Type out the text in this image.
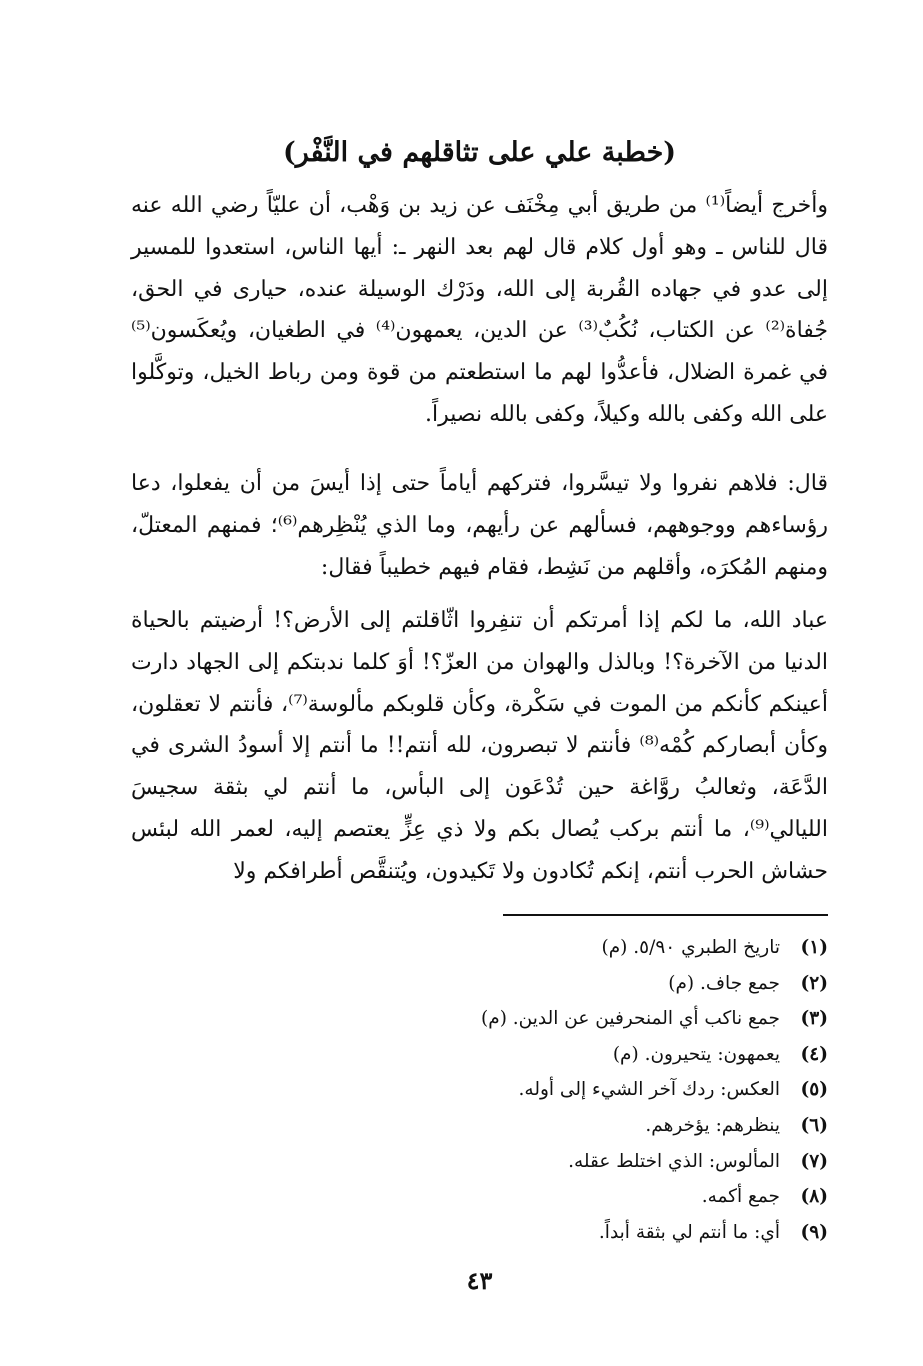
(خطبة علي على تثاقلهم في النَّفْر)

وأخرج أيضاً⁽¹⁾ من طريق أبي مِخْنَف عن زيد بن وَهْب، أن عليّاً رضي الله عنه قال للناس ـ وهو أول كلام قال لهم بعد النهر ـ: أيها الناس، استعدوا للمسير إلى عدو في جهاده القُربة إلى الله، ودَرْك الوسيلة عنده، حيارى في الحق، جُفاة⁽²⁾ عن الكتاب، نُكُبٌ⁽³⁾ عن الدين، يعمهون⁽⁴⁾ في الطغيان، ويُعكَسون⁽⁵⁾ في غمرة الضلال، فأعدُّوا لهم ما استطعتم من قوة ومن رباط الخيل، وتوكَّلوا على الله وكفى بالله وكيلاً، وكفى بالله نصيراً.

قال: فلاهم نفروا ولا تيسَّروا، فتركهم أياماً حتى إذا أيسَ من أن يفعلوا، دعا رؤساءهم ووجوههم، فسألهم عن رأيهم، وما الذي يُنْظِرهم⁽⁶⁾؛ فمنهم المعتلّ، ومنهم المُكرَه، وأقلهم من نَشِط، فقام فيهم خطيباً فقال:

عباد الله، ما لكم إذا أمرتكم أن تنفِروا اثّاقلتم إلى الأرض؟! أرضيتم بالحياة الدنيا من الآخرة؟! وبالذل والهوان من العزّ؟! أوَ كلما ندبتكم إلى الجهاد دارت أعينكم كأنكم من الموت في سَكْرة، وكأن قلوبكم مألوسة⁽⁷⁾، فأنتم لا تعقلون، وكأن أبصاركم كُمْه⁽⁸⁾ فأنتم لا تبصرون، لله أنتم!! ما أنتم إلا أسودُ الشرى في الدَّعَة، وثعالبُ روَّاغة حين تُدْعَون إلى البأس، ما أنتم لي بثقة سجيسَ الليالي⁽⁹⁾، ما أنتم بركب يُصال بكم ولا ذي عِزٍّ يعتصم إليه، لعمر الله لبئس حشاش الحرب أنتم، إنكم تُكادون ولا تَكيدون، ويُتنقَّص أطرافكم ولا

(١)
تاريخ الطبري ٥/٩٠. (م)
(٢)
جمع جاف. (م)
(٣)
جمع ناكب أي المنحرفين عن الدين. (م)
(٤)
يعمهون: يتحيرون. (م)
(٥)
العكس: ردك آخر الشيء إلى أوله.
(٦)
ينظرهم: يؤخرهم.
(٧)
المألوس: الذي اختلط عقله.
(٨)
جمع أكمه.
(٩)
أي: ما أنتم لي بثقة أبداً.
٤٣
